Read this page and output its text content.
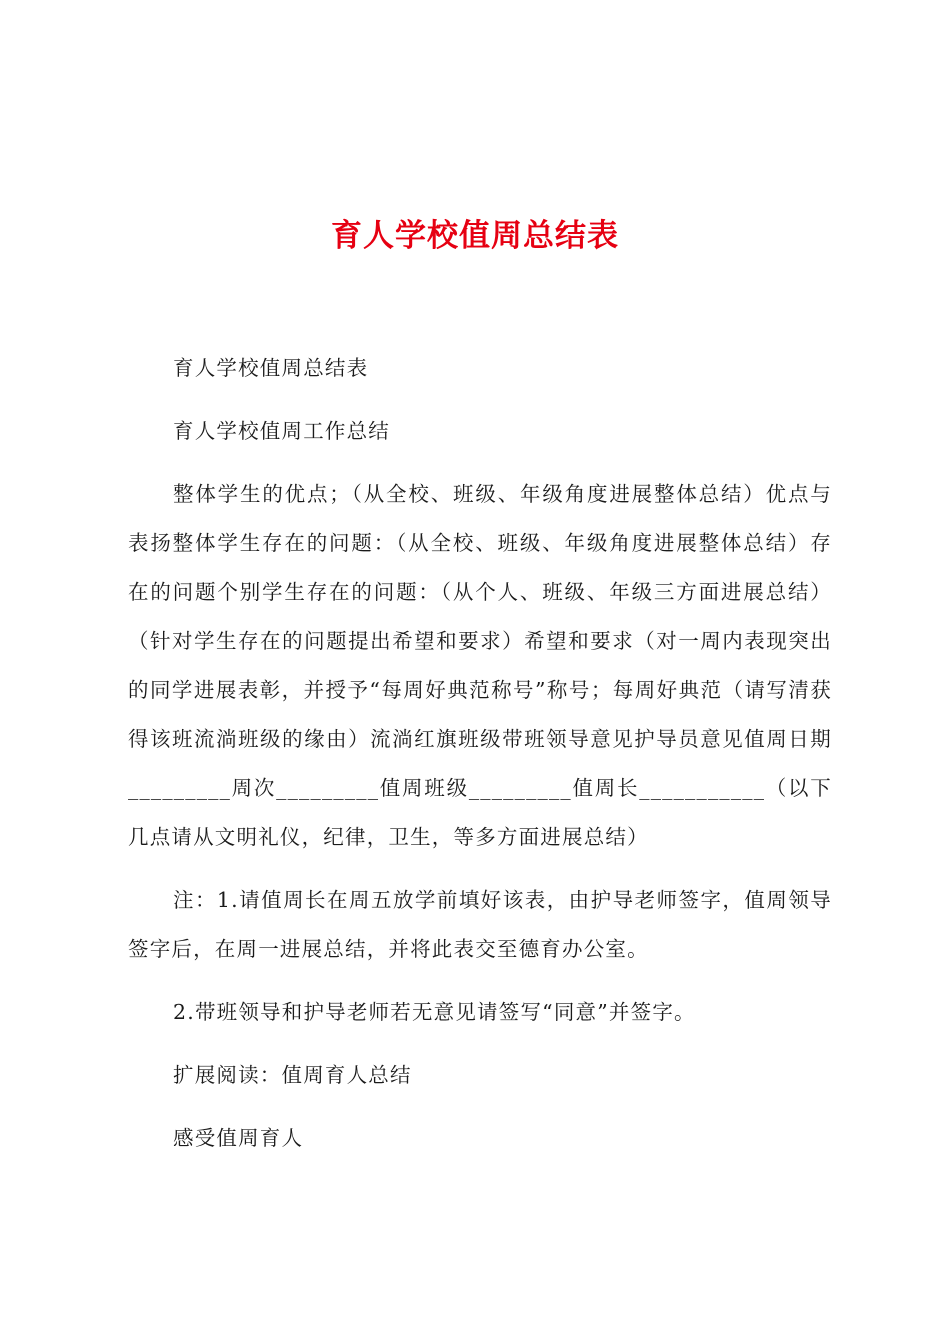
育人学校值周总结表

育人学校值周总结表

育人学校值周工作总结

整体学生的优点；（从全校、班级、年级角度进展整体总结）优点与表扬整体学生存在的问题：（从全校、班级、年级角度进展整体总结）存在的问题个别学生存在的问题：（从个人、班级、年级三方面进展总结）（针对学生存在的问题提出希望和要求）希望和要求（对一周内表现突出的同学进展表彰，并授予“每周好典范称号”称号；每周好典范（请写清获得该班流淌班级的缘由）流淌红旗班级带班领导意见护导员意见值周日期_________周次_________值周班级_________值周长___________（以下几点请从文明礼仪，纪律，卫生，等多方面进展总结）

注：1.请值周长在周五放学前填好该表，由护导老师签字，值周领导签字后，在周一进展总结，并将此表交至德育办公室。

2.带班领导和护导老师若无意见请签写“同意”并签字。

扩展阅读：值周育人总结

感受值周育人
